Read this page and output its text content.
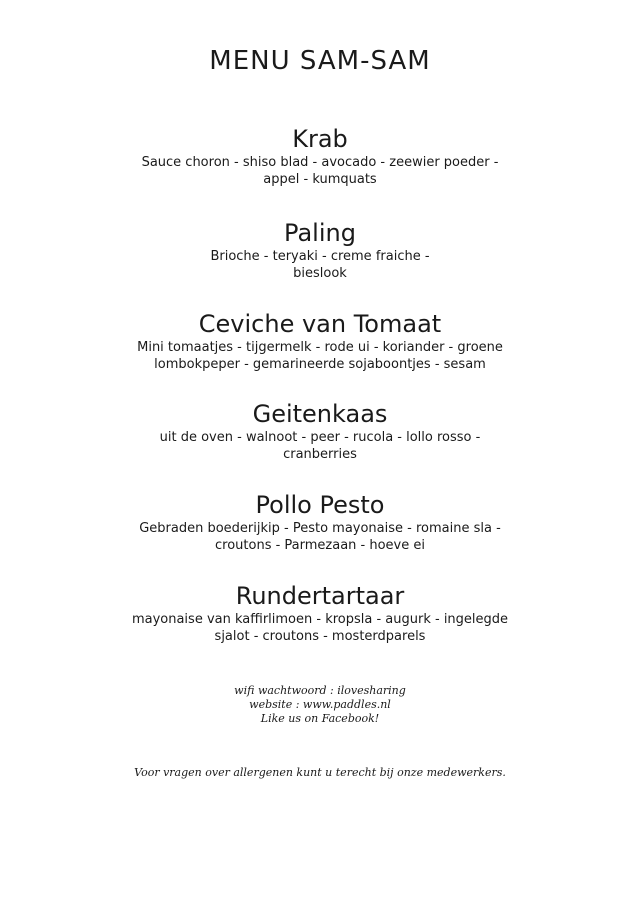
MENU SAM-SAM
Krab

Sauce choron - shiso blad - avocado - zeewier poeder -

appel - kumquats

Paling

Brioche - teryaki - creme fraiche -

bieslook

Ceviche van Tomaat

Mini tomaatjes - tijgermelk - rode ui - koriander - groene

lombokpeper - gemarineerde sojaboontjes - sesam

Geitenkaas

uit de oven - walnoot - peer - rucola - lollo rosso -

cranberries

Pollo Pesto

Gebraden boederijkip - Pesto mayonaise - romaine sla -

croutons - Parmezaan - hoeve ei

Rundertartaar

mayonaise van kaffirlimoen - kropsla - augurk - ingelegde

sjalot - croutons - mosterdparels

wifi wachtwoord : ilovesharing
website : www.paddles.nl
Like us on Facebook!
Voor vragen over allergenen kunt u terecht bij onze medewerkers.
